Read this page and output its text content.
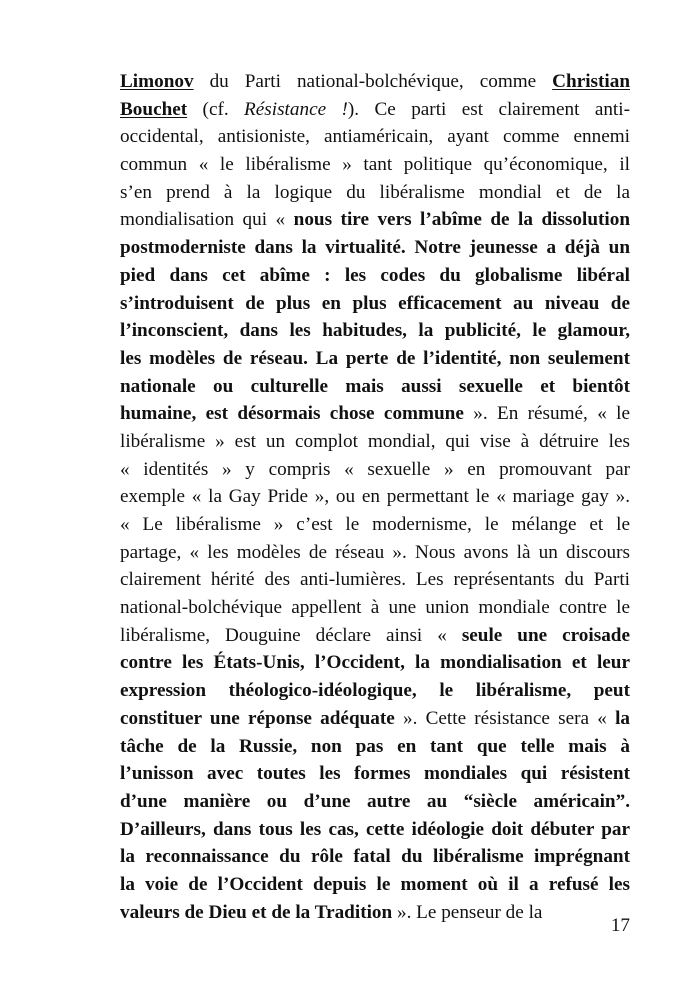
Limonov du Parti national-bolchévique, comme Christian
Bouchet (cf. Résistance !). Ce parti est clairement anti-
occidental, antisioniste, antiaméricain, ayant comme ennemi
commun « le libéralisme » tant politique qu’économique, il
s’en prend à la logique du libéralisme mondial et de la
mondialisation qui « nous tire vers l’abîme de la dissolution
postmoderniste dans la virtualité. Notre jeunesse a déjà un
pied dans cet abîme : les codes du globalisme libéral
s’introduisent de plus en plus efficacement au niveau de
l’inconscient, dans les habitudes, la publicité, le glamour,
les modèles de réseau. La perte de l’identité, non seulement
nationale ou culturelle mais aussi sexuelle et bientôt
humaine, est désormais chose commune ». En résumé, « le
libéralisme » est un complot mondial, qui vise à détruire les
« identités » y compris « sexuelle » en promouvant par
exemple « la Gay Pride », ou en permettant le « mariage gay ».
« Le libéralisme » c’est le modernisme, le mélange et le
partage, « les modèles de réseau ». Nous avons là un discours
clairement hérité des anti-lumières. Les représentants du Parti
national-bolchévique appellent à une union mondiale contre le
libéralisme, Douguine déclare ainsi « seule une croisade
contre les États-Unis, l’Occident, la mondialisation et leur
expression théologico-idéologique, le libéralisme, peut
constituer une réponse adéquate ». Cette résistance sera « la
tâche de la Russie, non pas en tant que telle mais à
l’unisson avec toutes les formes mondiales qui résistent
d’une manière ou d’une autre au “siècle américain”.
D’ailleurs, dans tous les cas, cette idéologie doit débuter par
la reconnaissance du rôle fatal du libéralisme imprégnant
la voie de l’Occident depuis le moment où il a refusé les
valeurs de Dieu et de la Tradition ». Le penseur de la
17
